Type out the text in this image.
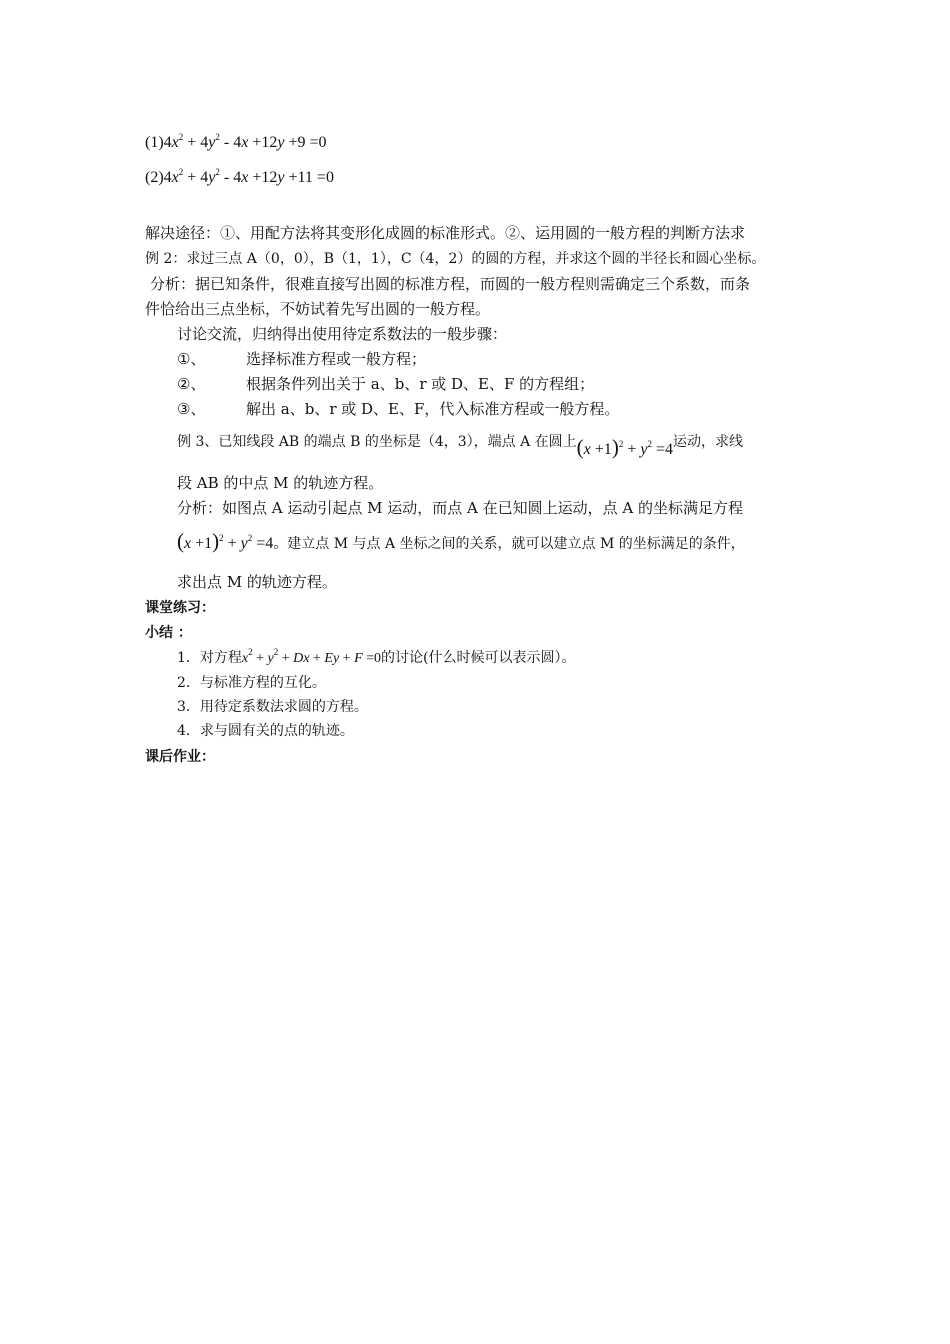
$(1)4x^2 + 4y^2 - 4x +12y +9 =0$
$(2)4x^2 + 4y^2 - 4x +12y +11 =0$
解决途径：①、用配方法将其变形化成圆的标准形式。②、运用圆的一般方程的判断方法求
例 2：求过三点 A（0，0），B（1，1），C（4，2）的圆的方程，并求这个圆的半径长和圆心坐标。
分析：据已知条件，很难直接写出圆的标准方程，而圆的一般方程则需确定三个系数，而条
件恰给出三点坐标，不妨试着先写出圆的一般方程。
讨论交流，归纳得出使用待定系数法的一般步骤：
①、	选择标准方程或一般方程；
②、	根据条件列出关于 a、b、r 或 D、E、F 的方程组；
③、	解出 a、b、r 或 D、E、F，代入标准方程或一般方程。
例 3、已知线段 AB 的端点 B 的坐标是（4，3），端点 A 在圆上$(x +1)^2 + y^2 =4$运动，求线
段 AB 的中点 M 的轨迹方程。
分析：如图点 A 运动引起点 M 运动，而点 A 在已知圆上运动，点 A 的坐标满足方程
$(x +1)^2 + y^2 =4$。建立点 M 与点 A 坐标之间的关系，就可以建立点 M 的坐标满足的条件，
求出点 M 的轨迹方程。
课堂练习：
小结 ：
1．对方程$x^2 + y^2 + Dx + Ey + F =0$的讨论(什么时候可以表示圆）。
2．与标准方程的互化。
3．用待定系数法求圆的方程。
4．求与圆有关的点的轨迹。
课后作业：
